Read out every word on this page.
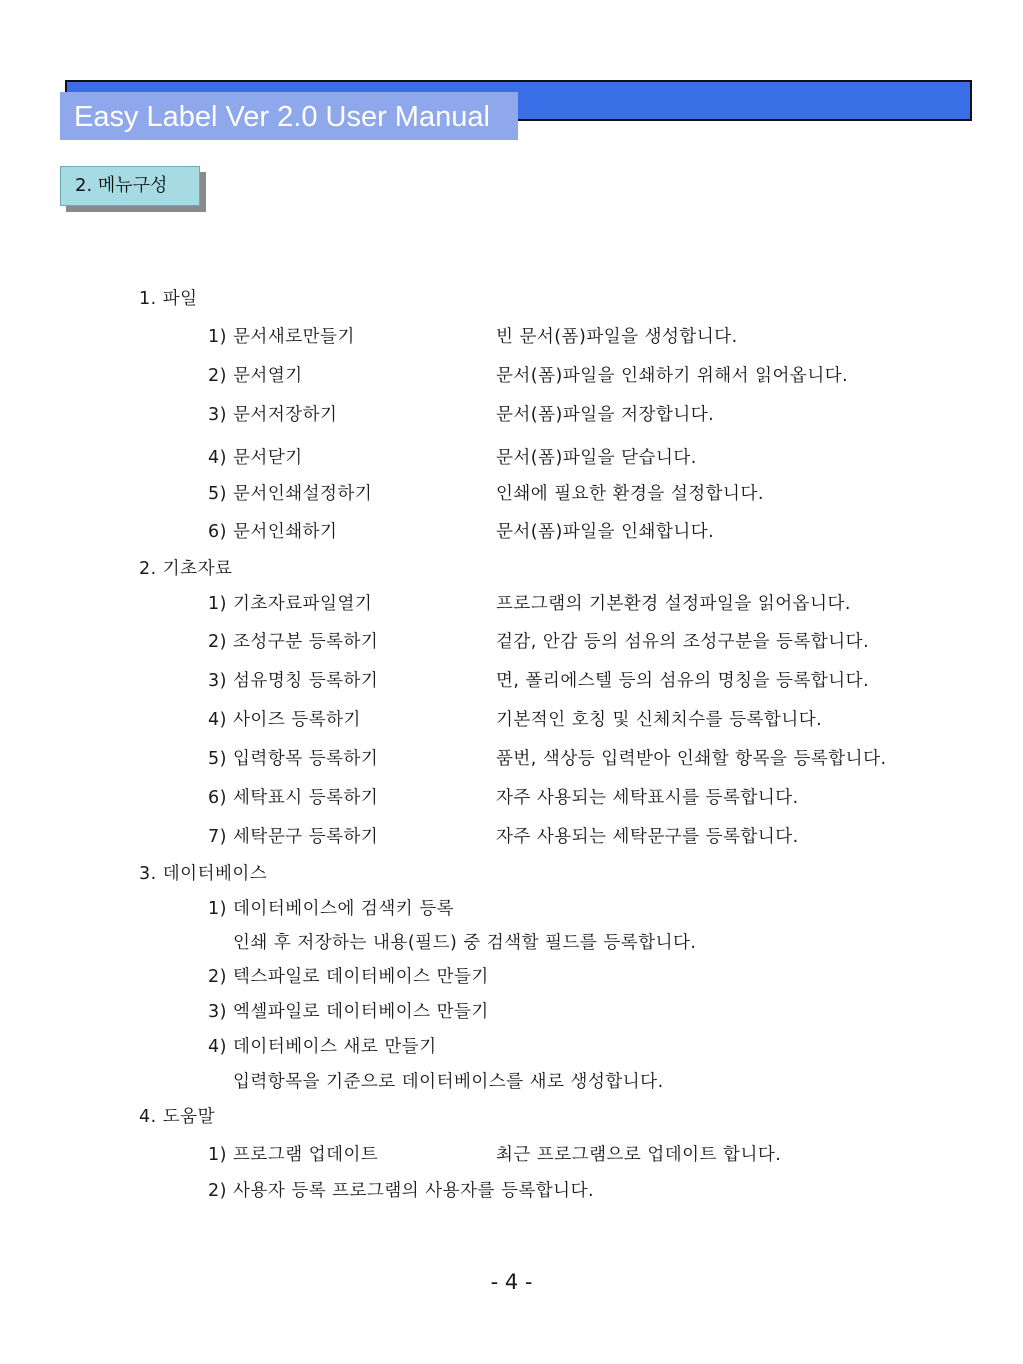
Easy Label Ver 2.0 User Manual
2. 메뉴구성
1. 파일
1) 문서새로만들기	빈 문서(폼)파일을 생성합니다.
2) 문서열기	문서(폼)파일을 인쇄하기 위해서 읽어옵니다.
3) 문서저장하기	문서(폼)파일을 저장합니다.
4) 문서닫기	문서(폼)파일을 닫습니다.
5) 문서인쇄설정하기	인쇄에 필요한 환경을 설정합니다.
6) 문서인쇄하기	문서(폼)파일을 인쇄합니다.
2. 기초자료
1) 기초자료파일열기	프로그램의 기본환경 설정파일을 읽어옵니다.
2) 조성구분 등록하기	겉감, 안감 등의 섬유의 조성구분을 등록합니다.
3) 섬유명칭 등록하기	면, 폴리에스텔 등의 섬유의 명칭을 등록합니다.
4) 사이즈 등록하기	기본적인 호칭 및 신체치수를 등록합니다.
5) 입력항목 등록하기	품번, 색상등 입력받아 인쇄할 항목을 등록합니다.
6) 세탁표시 등록하기	자주 사용되는 세탁표시를 등록합니다.
7) 세탁문구 등록하기	자주 사용되는 세탁문구를 등록합니다.
3. 데이터베이스
1) 데이터베이스에 검색키 등록
인쇄 후 저장하는 내용(필드) 중 검색할 필드를 등록합니다.
2) 텍스파일로 데이터베이스 만들기
3) 엑셀파일로 데이터베이스 만들기
4) 데이터베이스 새로 만들기
입력항목을 기준으로 데이터베이스를 새로 생성합니다.
4. 도움말
1) 프로그램 업데이트	최근 프로그램으로 업데이트 합니다.
2) 사용자 등록 프로그램의 사용자를 등록합니다.
- 4 -
